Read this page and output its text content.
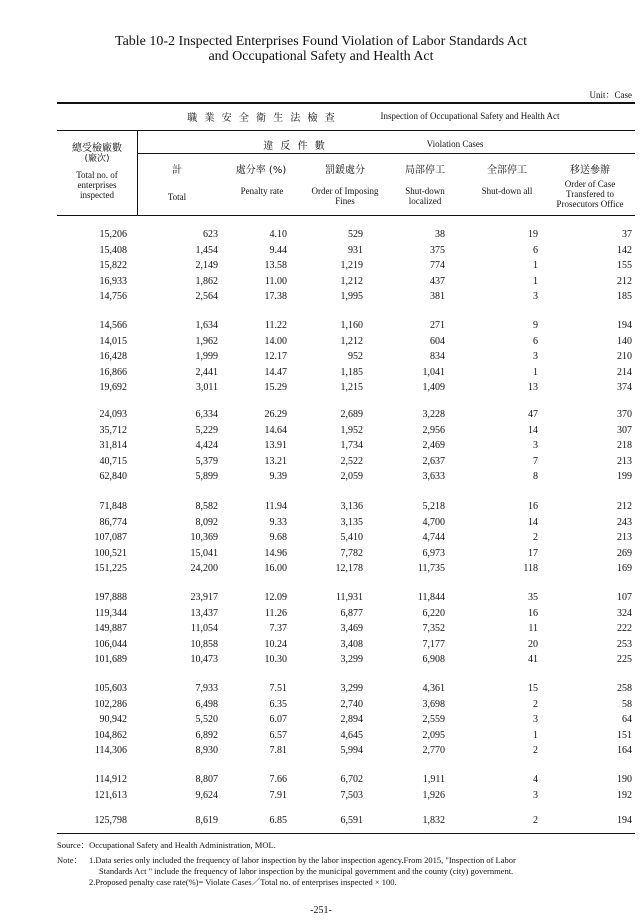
Table 10-2 Inspected Enterprises Found Violation of Labor Standards Act
and Occupational Safety and Health Act
Unit：Case
職 業 安 全 衛 生 法 檢 查	Inspection of Occupational Safety and Health Act
總受檢廠數
(廠次)
Total no. of enterprises inspected
違 反 件 數	Violation Cases
計
Total
處分率 (%)
Penalty rate
罰鍰處分
Order of Imposing Fines
局部停工
Shut-down localized
全部停工
Shut-down all
移送參辦
Order of Case Transfered to Prosecutors Office
15,206	623	4.10	529	38	19	37
15,408	1,454	9.44	931	375	6	142
15,822	2,149	13.58	1,219	774	1	155
16,933	1,862	11.00	1,212	437	1	212
14,756	2,564	17.38	1,995	381	3	185
14,566	1,634	11.22	1,160	271	9	194
14,015	1,962	14.00	1,212	604	6	140
16,428	1,999	12.17	952	834	3	210
16,866	2,441	14.47	1,185	1,041	1	214
19,692	3,011	15.29	1,215	1,409	13	374
24,093	6,334	26.29	2,689	3,228	47	370
35,712	5,229	14.64	1,952	2,956	14	307
31,814	4,424	13.91	1,734	2,469	3	218
40,715	5,379	13.21	2,522	2,637	7	213
62,840	5,899	9.39	2,059	3,633	8	199
71,848	8,582	11.94	3,136	5,218	16	212
86,774	8,092	9.33	3,135	4,700	14	243
107,087	10,369	9.68	5,410	4,744	2	213
100,521	15,041	14.96	7,782	6,973	17	269
151,225	24,200	16.00	12,178	11,735	118	169
197,888	23,917	12.09	11,931	11,844	35	107
119,344	13,437	11.26	6,877	6,220	16	324
149,887	11,054	7.37	3,469	7,352	11	222
106,044	10,858	10.24	3,408	7,177	20	253
101,689	10,473	10.30	3,299	6,908	41	225
105,603	7,933	7.51	3,299	4,361	15	258
102,286	6,498	6.35	2,740	3,698	2	58
90,942	5,520	6.07	2,894	2,559	3	64
104,862	6,892	6.57	4,645	2,095	1	151
114,306	8,930	7.81	5,994	2,770	2	164
114,912	8,807	7.66	6,702	1,911	4	190
121,613	9,624	7.91	7,503	1,926	3	192
125,798	8,619	6.85	6,591	1,832	2	194
Source：Occupational Safety and Health Administration, MOL.
Note： 1.Data series only included the frequency of labor inspection by the labor inspection agency.From 2015, "Inspection of Labor
Standards Act " include the frequency of labor inspection by the municipal government and the county (city) government.
2.Proposed penalty case rate(%)= Violate Cases／Total no. of enterprises inspected × 100.
-251-
